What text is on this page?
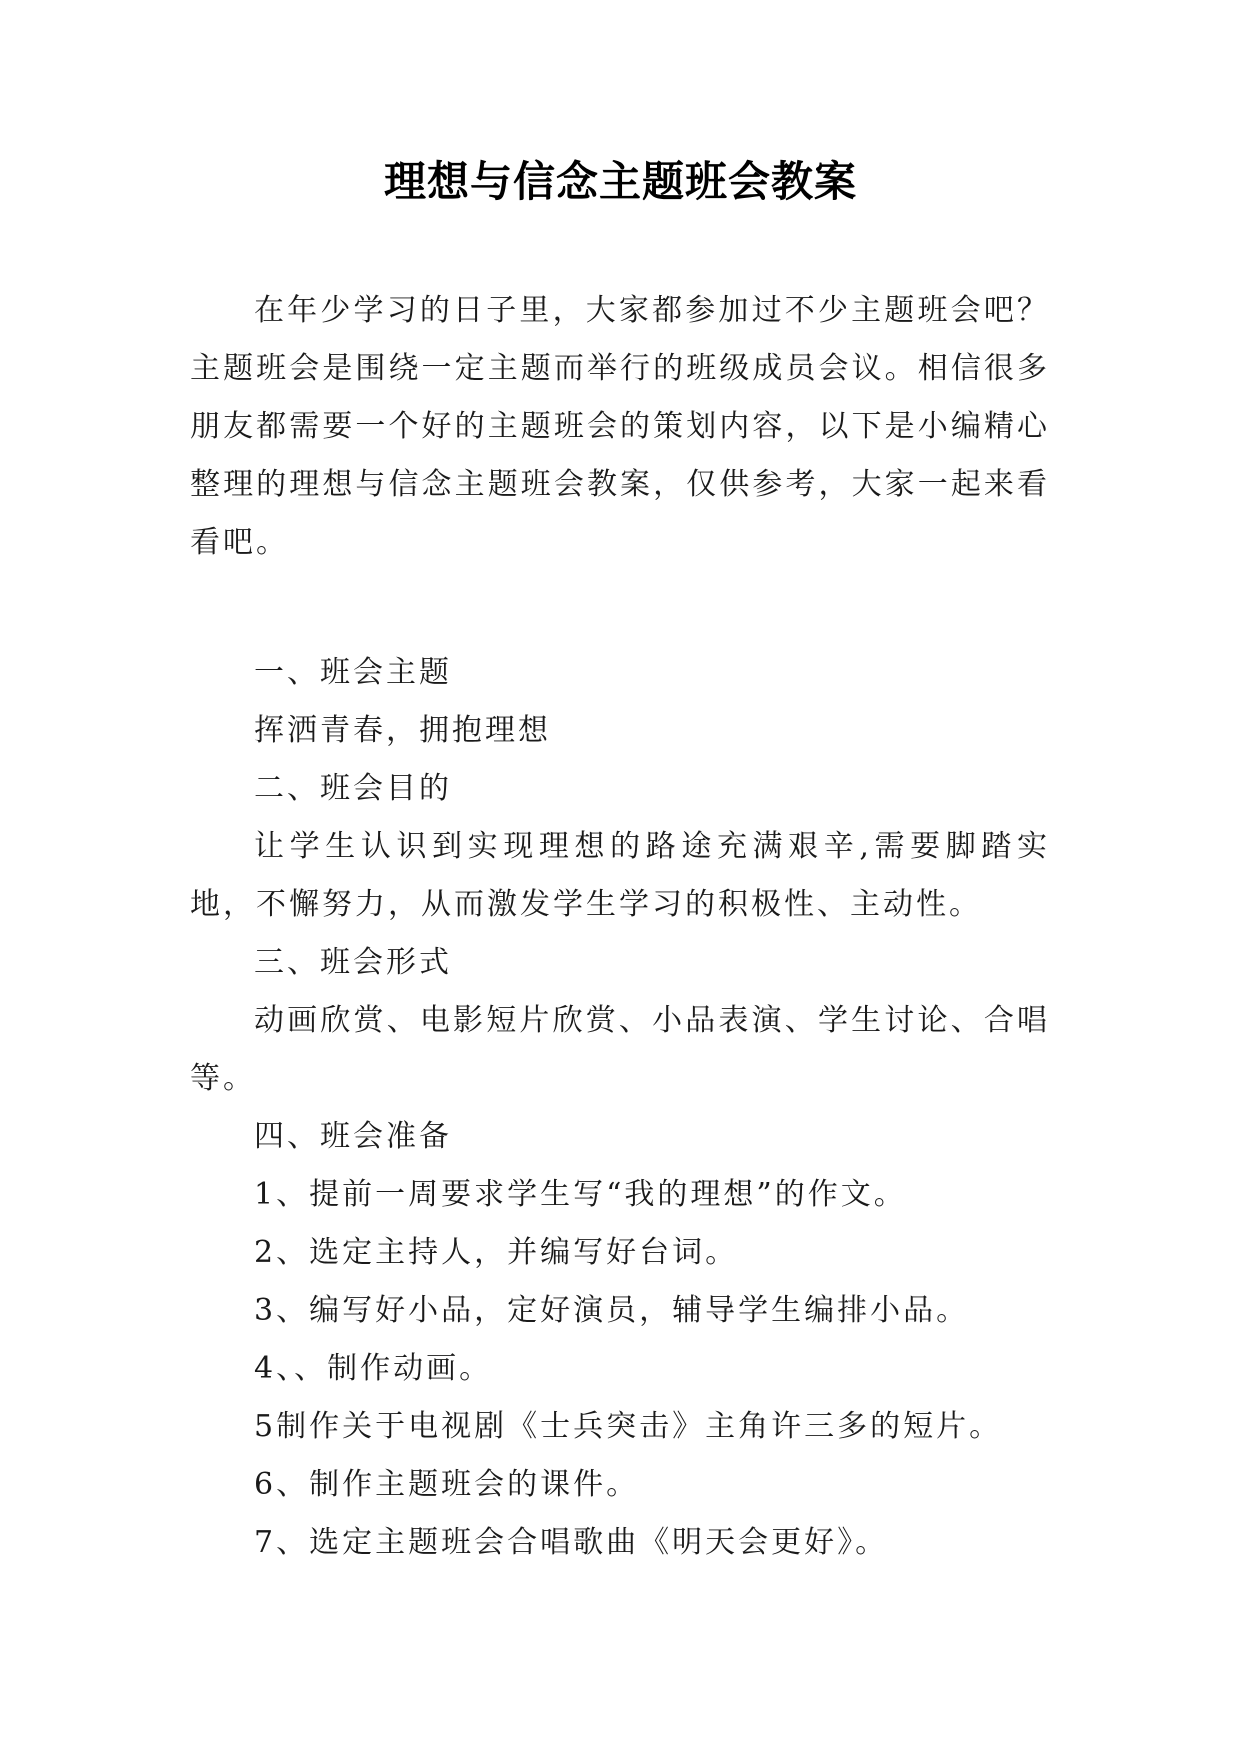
理想与信念主题班会教案

在年少学习的日子里，大家都参加过不少主题班会吧？主题班会是围绕一定主题而举行的班级成员会议。相信很多朋友都需要一个好的主题班会的策划内容，以下是小编精心整理的理想与信念主题班会教案，仅供参考，大家一起来看看吧。

一、班会主题

挥洒青春，拥抱理想

二、班会目的

让学生认识到实现理想的路途充满艰辛,需要脚踏实地，不懈努力，从而激发学生学习的积极性、主动性。

三、班会形式

动画欣赏、电影短片欣赏、小品表演、学生讨论、合唱等。

四、班会准备

1、提前一周要求学生写“我的理想”的作文。

2、选定主持人，并编写好台词。

3、编写好小品，定好演员，辅导学生编排小品。

4、、制作动画。

5制作关于电视剧《士兵突击》主角许三多的短片。

6、制作主题班会的课件。

7、选定主题班会合唱歌曲《明天会更好》。
